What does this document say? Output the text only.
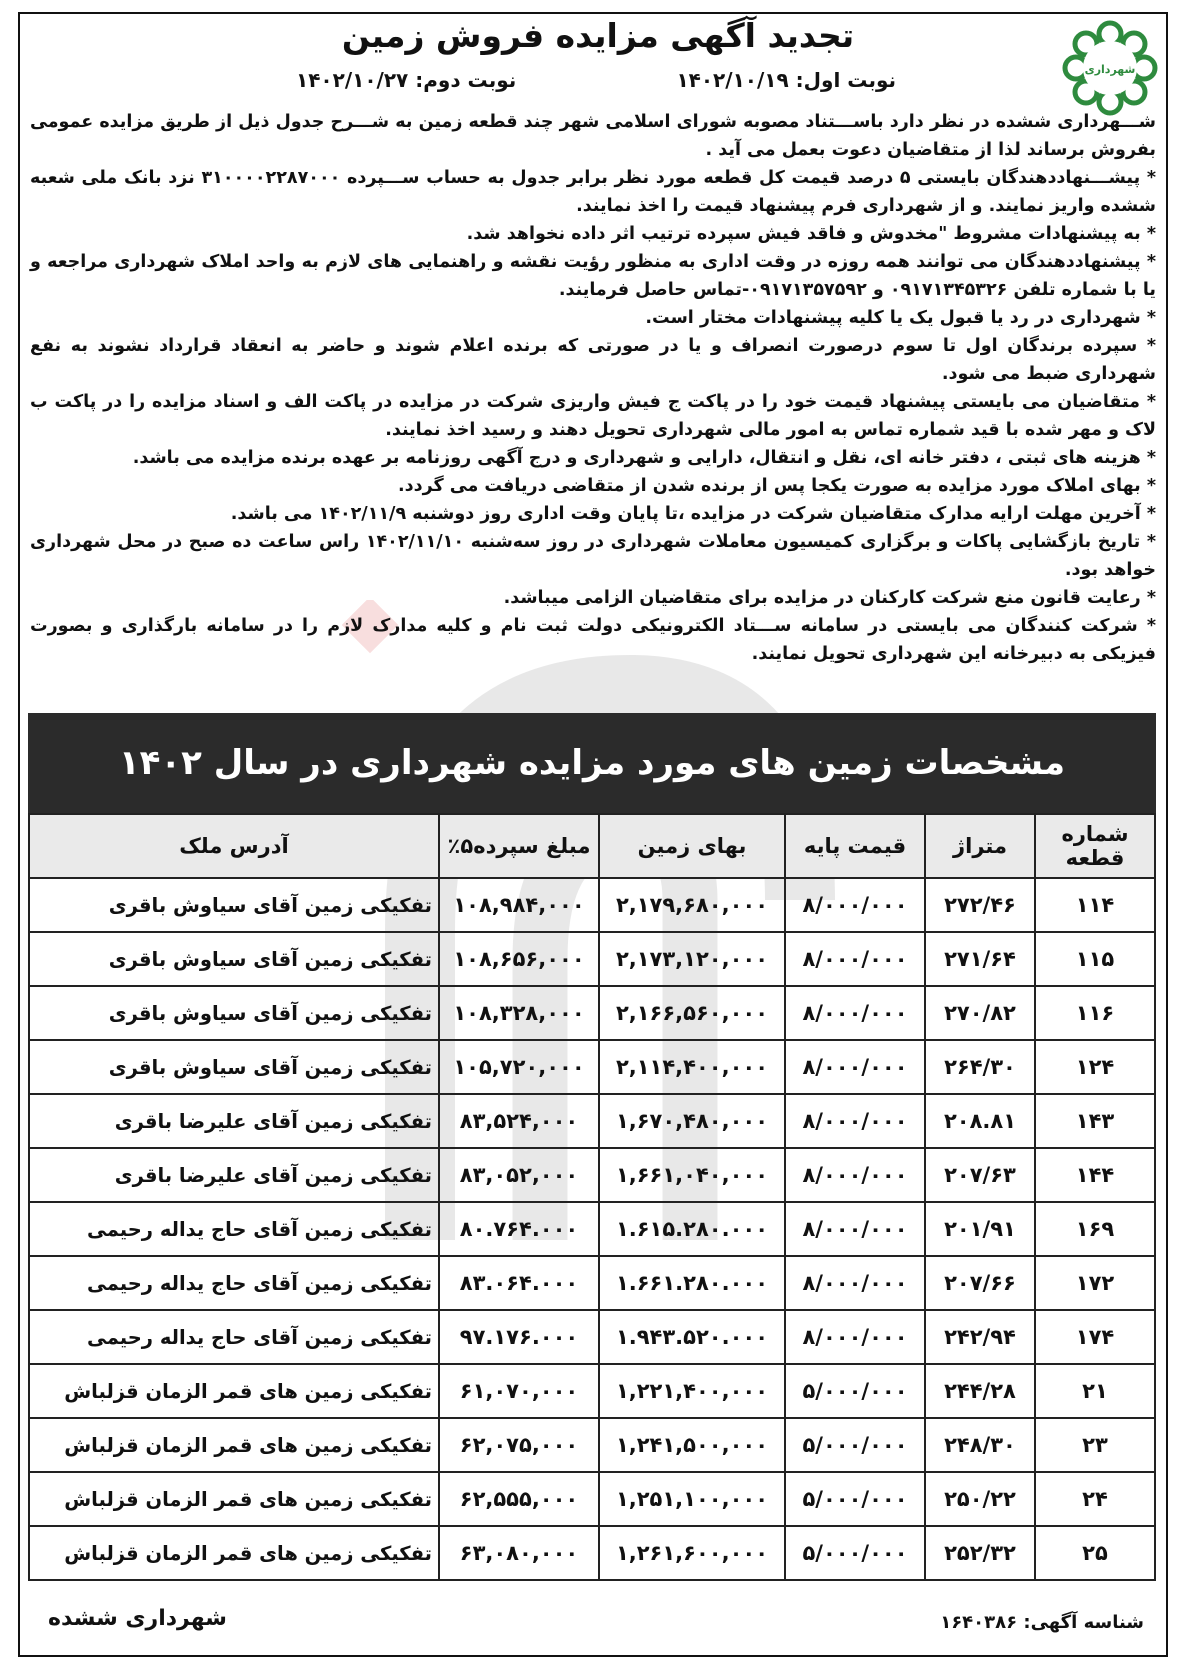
شهرداری
تجدید آگهی مزایده فروش زمین
نوبت اول: ۱۴۰۲/۱۰/۱۹
نوبت دوم: ۱۴۰۲/۱۰/۲۷

شـــهرداری ششده در نظر دارد باســـتناد مصوبه شورای اسلامی شهر چند قطعه زمین به شـــرح جدول ذیل از طریق مزایده عمومی بفروش برساند لذا از متقاضیان دعوت بعمل می آید .

* پیشـــنهاددهندگان بایستی ۵ درصد قیمت کل قطعه مورد نظر برابر جدول به حساب ســـپرده ۳۱۰۰۰۰۲۲۸۷۰۰۰ نزد بانک ملی شعبه ششده واریز نمایند. و از شهرداری فرم پیشنهاد قیمت را اخذ نمایند.

* به پیشنهادات مشروط "مخدوش و فاقد فیش سپرده ترتیب اثر داده نخواهد شد.

* پیشنهاددهندگان می توانند همه روزه در وقت اداری به منظور رؤیت نقشه و راهنمایی های لازم به واحد املاک شهرداری مراجعه و یا با شماره تلفن ۰۹۱۷۱۳۴۵۳۲۶ و ۰۹۱۷۱۳۵۷۵۹۲-تماس حاصل فرمایند.

* شهرداری در رد یا قبول یک یا کلیه پیشنهادات مختار است.

* سپرده برندگان اول تا سوم درصورت انصراف و یا در صورتی که برنده اعلام شوند و حاضر به انعقاد قرارداد نشوند به نفع شهرداری ضبط می شود.

* متقاضیان می بایستی پیشنهاد قیمت خود را در پاکت ج فیش واریزی شرکت در مزایده در پاکت الف و اسناد مزایده را در پاکت ب لاک و مهر شده با قید شماره تماس به امور مالی شهرداری تحویل دهند و رسید اخذ نمایند.

* هزینه های ثبتی ، دفتر خانه ای، نقل و انتقال، دارایی و شهرداری و درج آگهی روزنامه بر عهده برنده مزایده می باشد.

* بهای املاک مورد مزایده به صورت یکجا پس از برنده شدن از متقاضی دریافت می گردد.

* آخرین مهلت ارایه مدارک متقاضیان شرکت در مزایده ،تا پایان وقت اداری روز دوشنبه ۱۴۰۲/۱۱/۹ می باشد.

* تاریخ بازگشایی پاکات و برگزاری کمیسیون معاملات شهرداری در روز سه‌شنبه ۱۴۰۲/۱۱/۱۰ راس ساعت ده صبح در محل شهرداری خواهد بود.

* رعایت قانون منع شرکت کارکنان در مزایده برای متقاضیان الزامی میباشد.

* شرکت کنندگان می بایستی در سامانه ســـتاد الکترونیکی دولت ثبت نام و کلیه مدارک لازم را در سامانه بارگذاری و بصورت فیزیکی به دبیرخانه این شهرداری تحویل نمایند.

مشخصات زمین های مورد مزایده شهرداری در سال ۱۴۰۲
شماره قطعه	متراژ	قیمت پایه	بهای زمین	مبلغ سپرده۵٪	آدرس ملک
۱۱۴	۲۷۲/۴۶	۸/۰۰۰/۰۰۰	۲,۱۷۹,۶۸۰,۰۰۰	۱۰۸,۹۸۴,۰۰۰	تفکیکی زمین آقای سیاوش باقری
۱۱۵	۲۷۱/۶۴	۸/۰۰۰/۰۰۰	۲,۱۷۳,۱۲۰,۰۰۰	۱۰۸,۶۵۶,۰۰۰	تفکیکی زمین آقای سیاوش باقری
۱۱۶	۲۷۰/۸۲	۸/۰۰۰/۰۰۰	۲,۱۶۶,۵۶۰,۰۰۰	۱۰۸,۳۲۸,۰۰۰	تفکیکی زمین آقای سیاوش باقری
۱۲۴	۲۶۴/۳۰	۸/۰۰۰/۰۰۰	۲,۱۱۴,۴۰۰,۰۰۰	۱۰۵,۷۲۰,۰۰۰	تفکیکی زمین آقای سیاوش باقری
۱۴۳	۲۰۸.۸۱	۸/۰۰۰/۰۰۰	۱,۶۷۰,۴۸۰,۰۰۰	۸۳,۵۲۴,۰۰۰	تفکیکی زمین آقای علیرضا باقری
۱۴۴	۲۰۷/۶۳	۸/۰۰۰/۰۰۰	۱,۶۶۱,۰۴۰,۰۰۰	۸۳,۰۵۲,۰۰۰	تفکیکی زمین آقای علیرضا باقری
۱۶۹	۲۰۱/۹۱	۸/۰۰۰/۰۰۰	۱.۶۱۵.۲۸۰.۰۰۰	۸۰.۷۶۴.۰۰۰	تفکیکی زمین آقای حاج یداله رحیمی
۱۷۲	۲۰۷/۶۶	۸/۰۰۰/۰۰۰	۱.۶۶۱.۲۸۰.۰۰۰	۸۳.۰۶۴.۰۰۰	تفکیکی زمین آقای حاج یداله رحیمی
۱۷۴	۲۴۲/۹۴	۸/۰۰۰/۰۰۰	۱.۹۴۳.۵۲۰.۰۰۰	۹۷.۱۷۶.۰۰۰	تفکیکی زمین آقای حاج یداله رحیمی
۲۱	۲۴۴/۲۸	۵/۰۰۰/۰۰۰	۱,۲۲۱,۴۰۰,۰۰۰	۶۱,۰۷۰,۰۰۰	تفکیکی زمین های قمر الزمان قزلباش
۲۳	۲۴۸/۳۰	۵/۰۰۰/۰۰۰	۱,۲۴۱,۵۰۰,۰۰۰	۶۲,۰۷۵,۰۰۰	تفکیکی زمین های قمر الزمان قزلباش
۲۴	۲۵۰/۲۲	۵/۰۰۰/۰۰۰	۱,۲۵۱,۱۰۰,۰۰۰	۶۲,۵۵۵,۰۰۰	تفکیکی زمین های قمر الزمان قزلباش
۲۵	۲۵۲/۳۲	۵/۰۰۰/۰۰۰	۱,۲۶۱,۶۰۰,۰۰۰	۶۳,۰۸۰,۰۰۰	تفکیکی زمین های قمر الزمان قزلباش
شناسه آگهی: ۱۶۴۰۳۸۶
شهرداری ششده
